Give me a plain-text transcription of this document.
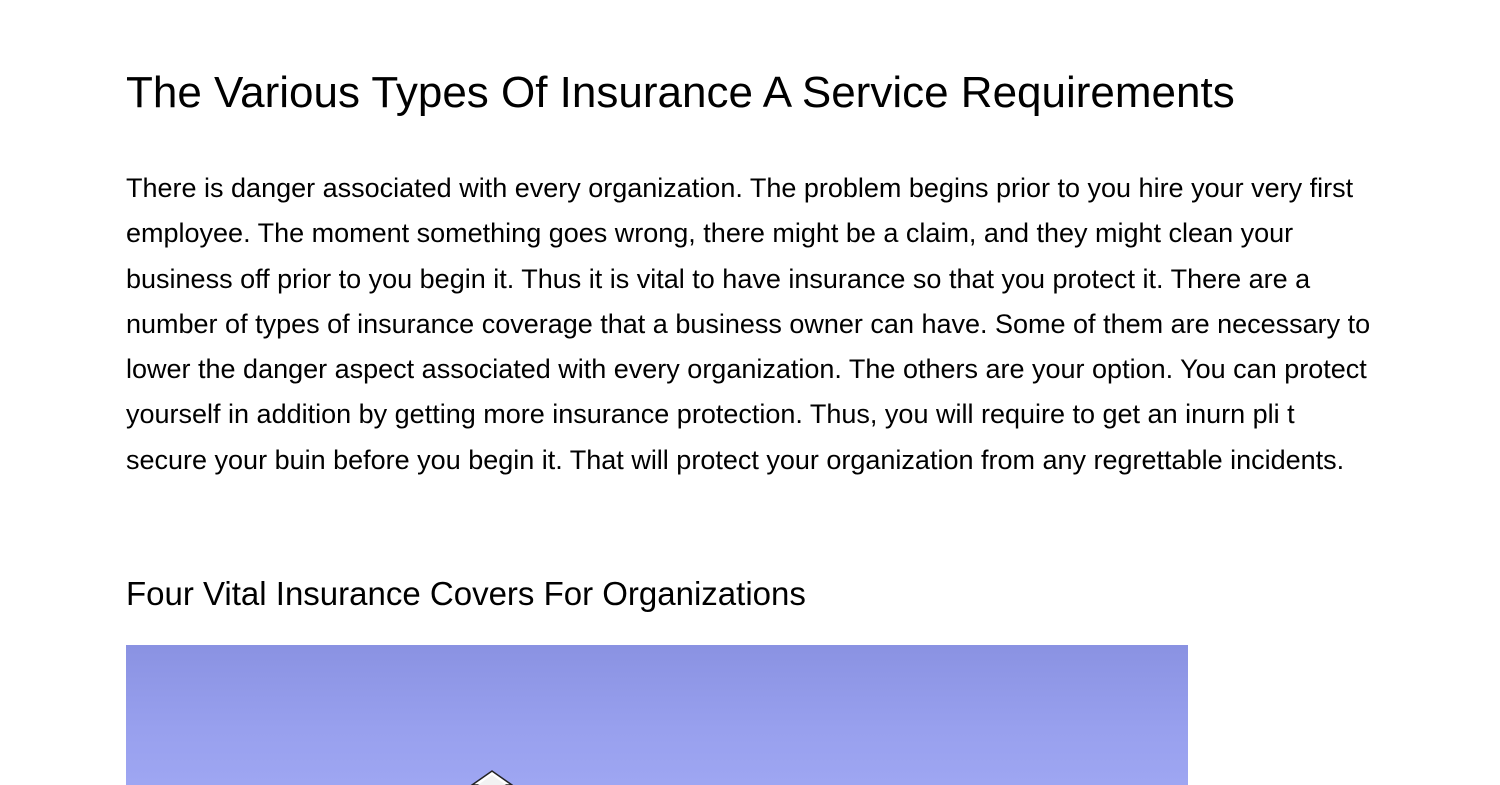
The Various Types Of Insurance A Service Requirements

There is danger associated with every organization. The problem begins prior to you hire your very first employee. The moment something goes wrong, there might be a claim, and they might clean your business off prior to you begin it. Thus it is vital to have insurance so that you protect it. There are a number of types of insurance coverage that a business owner can have. Some of them are necessary to lower the danger aspect associated with every organization. The others are your option. You can protect yourself in addition by getting more insurance protection. Thus, you will require to get an inurn pli t secure your buin before you begin it. That will protect your organization from any regrettable incidents.

Four Vital Insurance Covers For Organizations
